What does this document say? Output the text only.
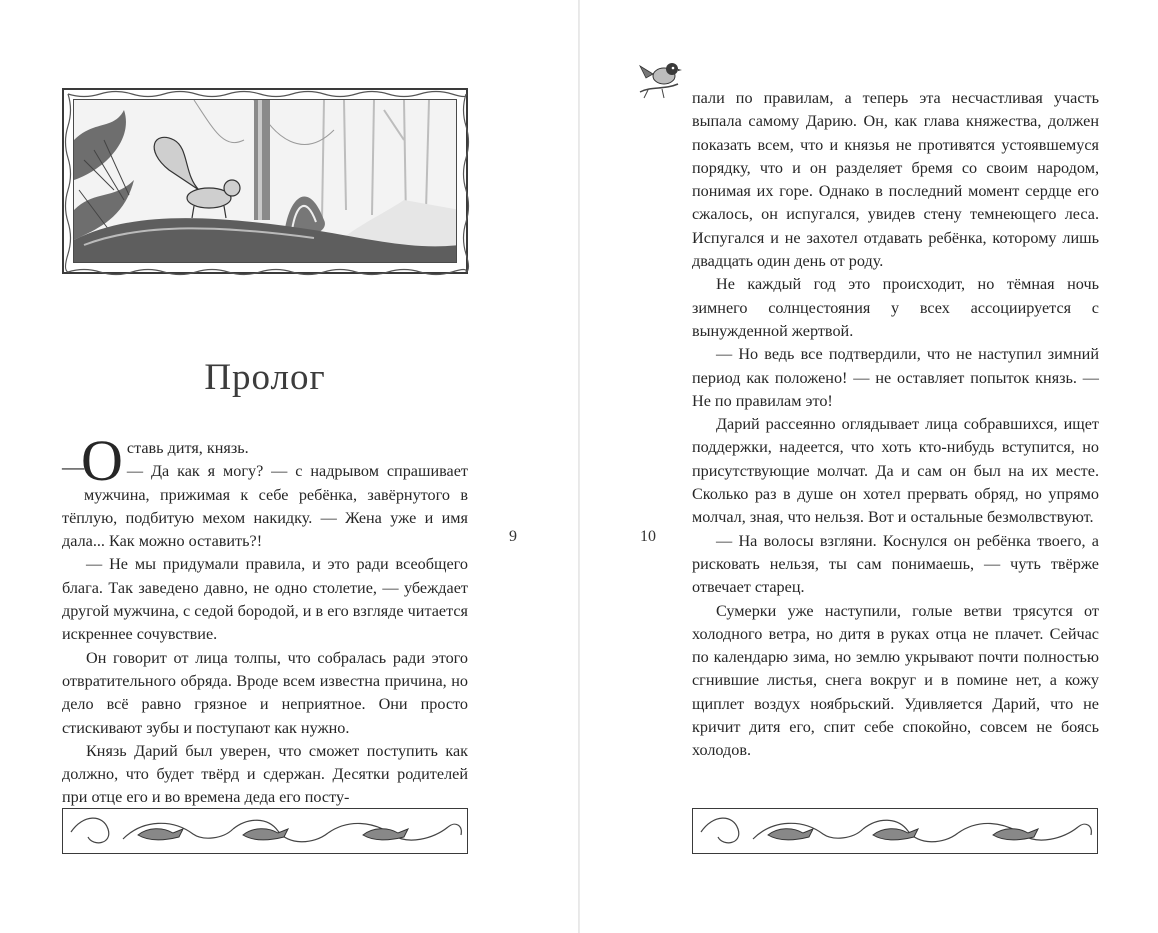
Пролог
—
О ставь дитя, князь.

— Да как я могу? — с надрывом спрашивает мужчина, прижимая к себе ребёнка, завёрнутого в тёплую, подбитую мехом накидку. — Жена уже и имя дала... Как можно оставить?!

— Не мы придумали правила, и это ради всеобщего блага. Так заведено давно, не одно столетие, — убеждает другой мужчина, с седой бородой, и в его взгляде читается искреннее сочувствие.

Он говорит от лица толпы, что собралась ради этого отвратительного обряда. Вроде всем известна причина, но дело всё равно грязное и неприятное. Они просто стискивают зубы и поступают как нужно.

Князь Дарий был уверен, что сможет поступить как должно, что будет твёрд и сдержан. Десятки родителей при отце его и во времена деда его посту-

9	10

пали по правилам, а теперь эта несчастливая участь выпала самому Дарию. Он, как глава княжества, должен показать всем, что и князья не противятся устоявшемуся порядку, что и он разделяет бремя со своим народом, понимая их горе. Однако в последний момент сердце его сжалось, он испугался, увидев стену темнеющего леса. Испугался и не захотел отдавать ребёнка, которому лишь двадцать один день от роду.

Не каждый год это происходит, но тёмная ночь зимнего солнцестояния у всех ассоциируется с вынужденной жертвой.

— Но ведь все подтвердили, что не наступил зимний период как положено! — не оставляет попыток князь. — Не по правилам это!

Дарий рассеянно оглядывает лица собравшихся, ищет поддержки, надеется, что хоть кто-нибудь вступится, но присутствующие молчат. Да и сам он был на их месте. Сколько раз в душе он хотел прервать обряд, но упрямо молчал, зная, что нельзя. Вот и остальные безмолвствуют.

— На волосы взгляни. Коснулся он ребёнка твоего, а рисковать нельзя, ты сам понимаешь, — чуть твёрже отвечает старец.

Сумерки уже наступили, голые ветви трясутся от холодного ветра, но дитя в руках отца не плачет. Сейчас по календарю зима, но землю укрывают почти полностью сгнившие листья, снега вокруг и в помине нет, а кожу щиплет воздух ноябрьский. Удивляется Дарий, что не кричит дитя его, спит себе спокойно, совсем не боясь холодов.
